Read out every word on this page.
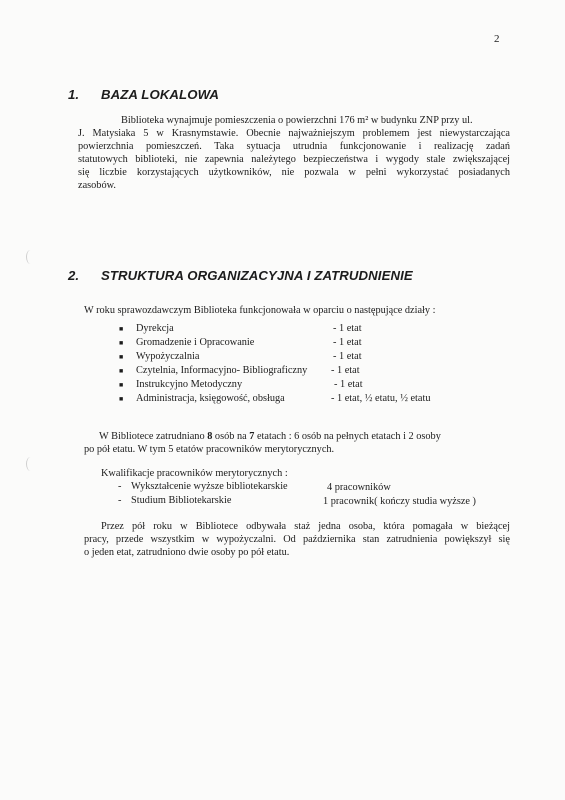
2
1. BAZA LOKALOWA
Biblioteka wynajmuje pomieszczenia o powierzchni 176 m² w budynku ZNP przy ul.
J. Matysiaka 5 w Krasnymstawie. Obecnie najważniejszym problemem jest niewystarczająca
powierzchnia pomieszczeń. Taka sytuacja utrudnia funkcjonowanie i realizację zadań
statutowych biblioteki, nie zapewnia należytego bezpieczeństwa i wygody stale zwiększającej
się liczbie korzystających użytkowników, nie pozwala w pełni wykorzystać posiadanych
zasobów.
2. STRUKTURA ORGANIZACYJNA I ZATRUDNIENIE
W roku sprawozdawczym Biblioteka funkcjonowała w oparciu o następujące działy :
■ Dyrekcja	- 1 etat
■ Gromadzenie i Opracowanie	- 1 etat
■ Wypożyczalnia	- 1 etat
■ Czytelnia, Informacyjno- Bibliograficzny - 1 etat
■ Instrukcyjno Metodyczny	- 1 etat
■ Administracja, księgowość, obsługa	- 1 etat, ½ etatu, ½ etatu
W Bibliotece zatrudniano 8 osób na 7 etatach : 6 osób na pełnych etatach i 2 osoby
po pół etatu. W tym 5 etatów pracowników merytorycznych.
Kwalifikacje pracowników merytorycznych :
- Wykształcenie wyższe bibliotekarskie	4 pracowników
- Studium Bibliotekarskie	1 pracownik( kończy studia wyższe )
Przez pół roku w Bibliotece odbywała staż jedna osoba, która pomagała w bieżącej
pracy, przede wszystkim w wypożyczalni. Od października stan zatrudnienia powiększył się
o jeden etat, zatrudniono dwie osoby po pół etatu.
